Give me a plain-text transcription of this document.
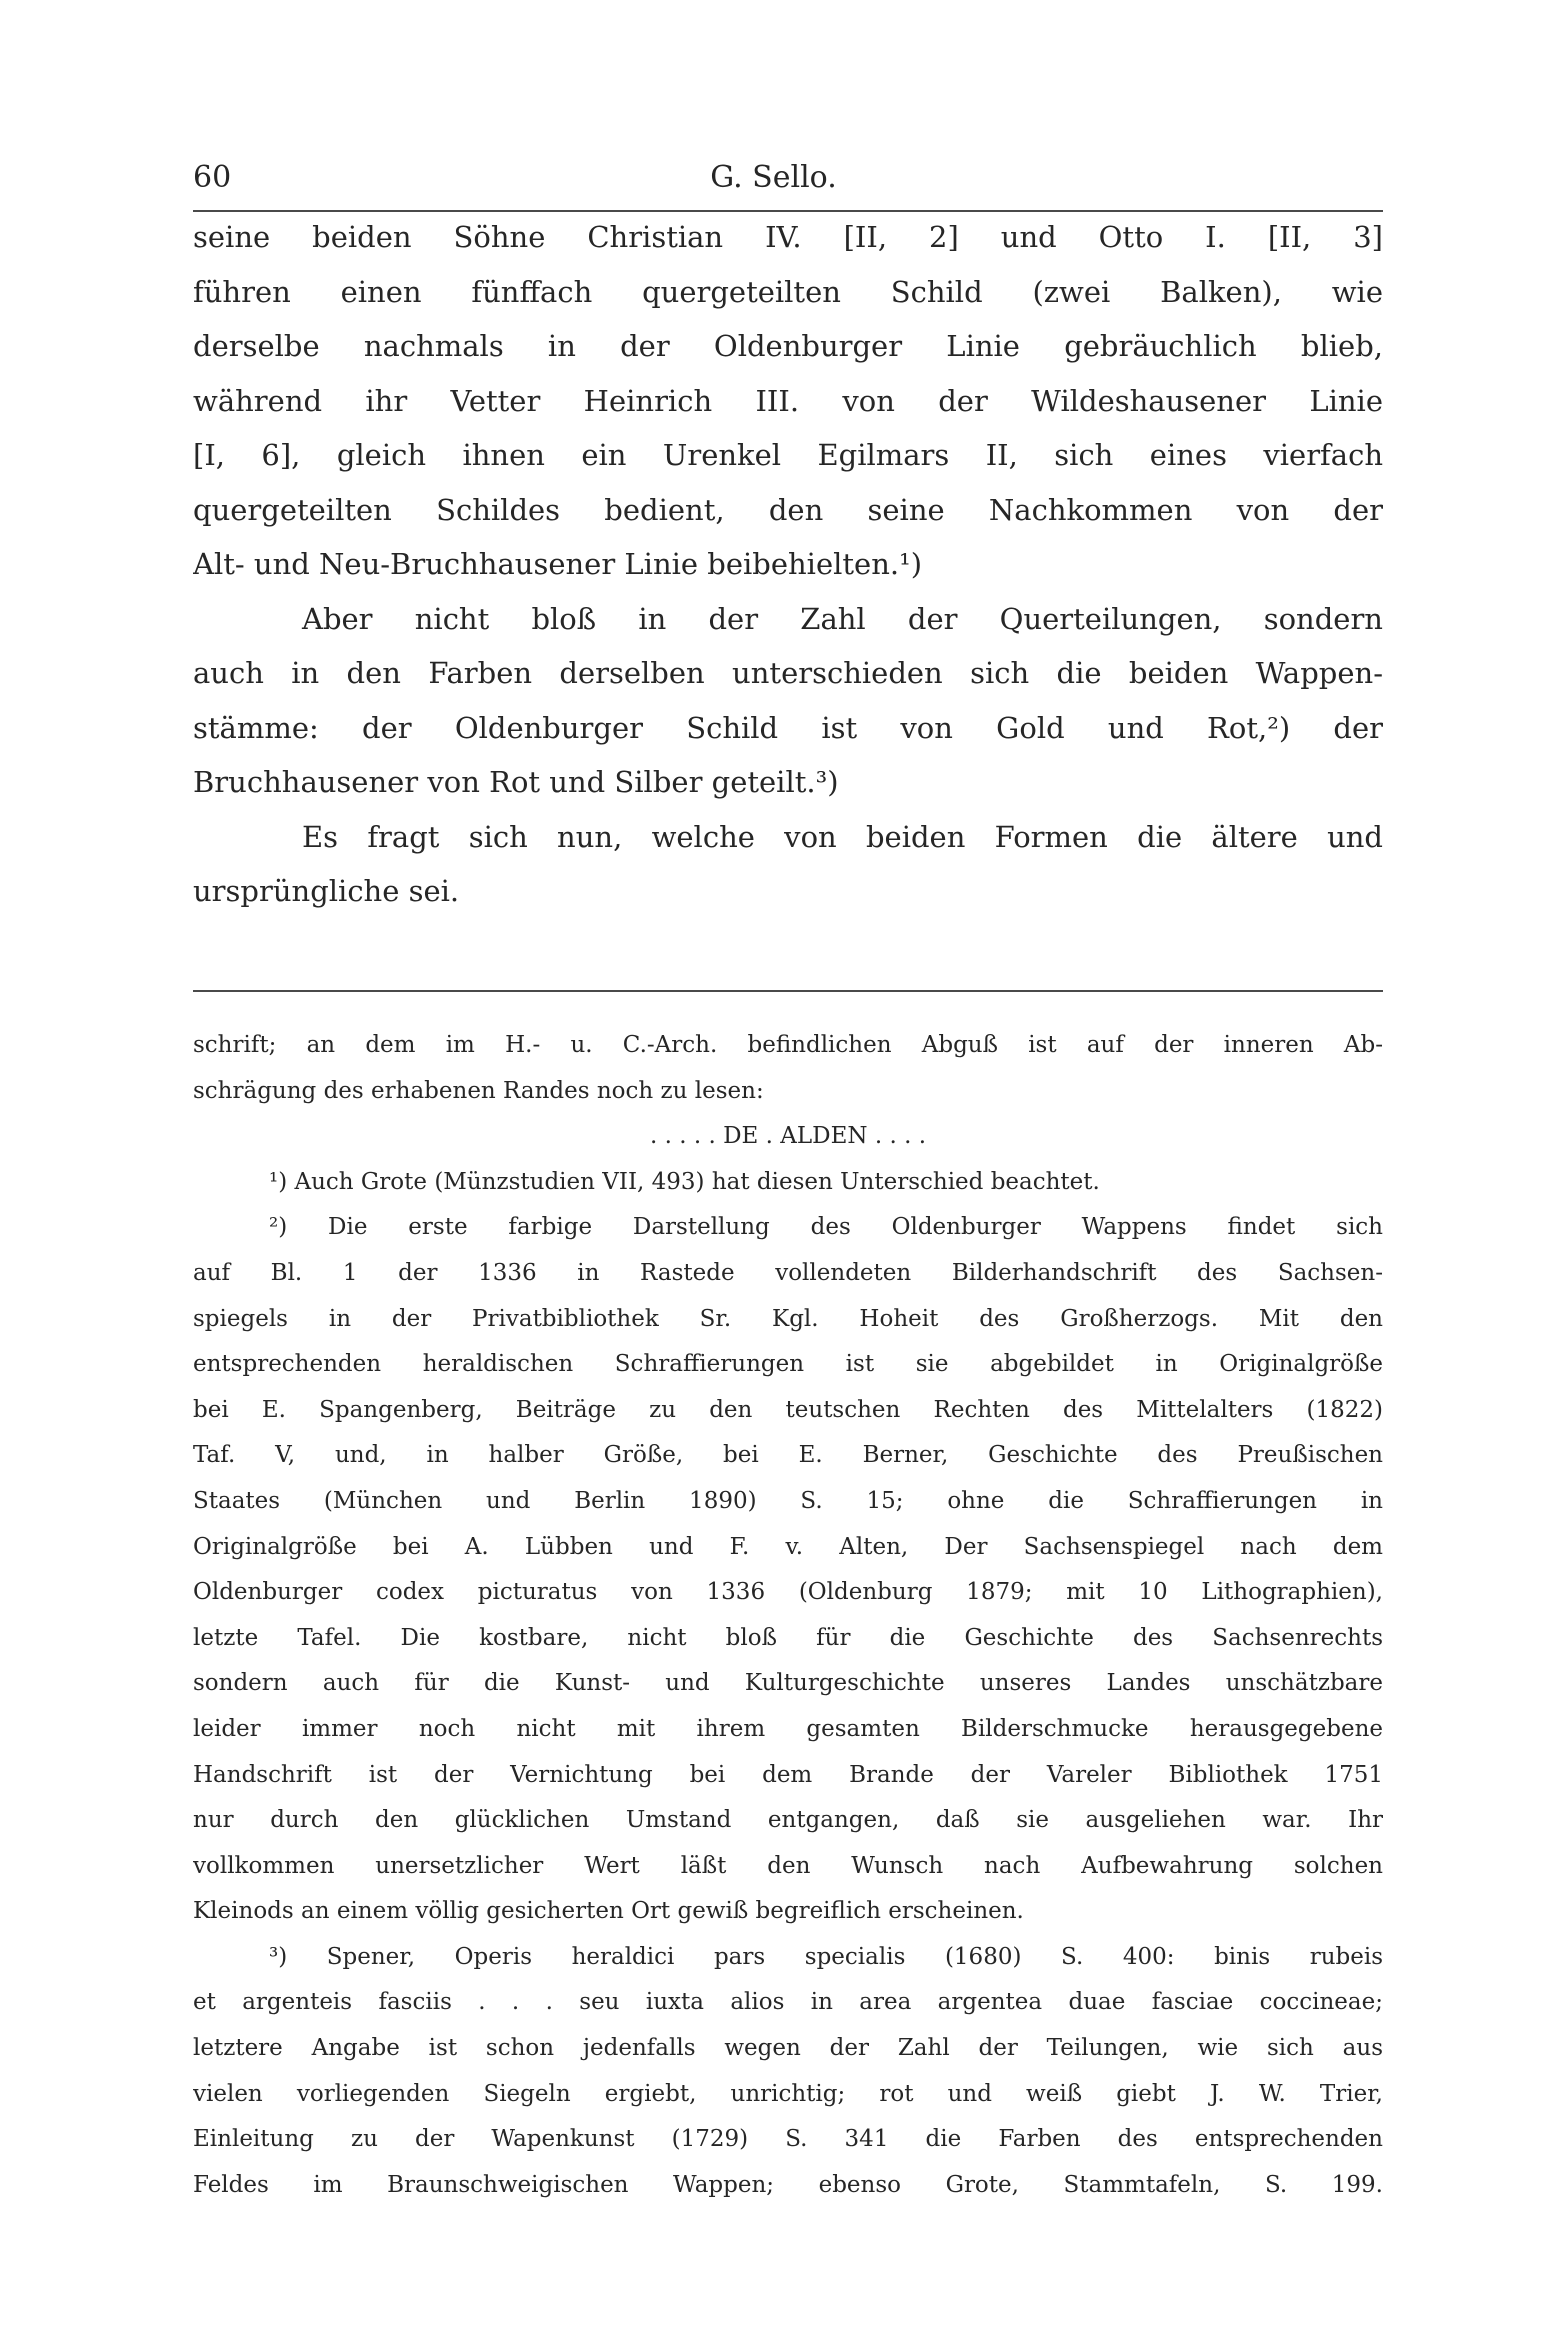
60	G. Sello.
seine beiden Söhne Christian IV. [II, 2] und Otto I. [II, 3]
führen einen fünffach quergeteilten Schild (zwei Balken), wie
derselbe nachmals in der Oldenburger Linie gebräuchlich blieb,
während ihr Vetter Heinrich III. von der Wildeshausener Linie
[I, 6], gleich ihnen ein Urenkel Egilmars II, sich eines vierfach
quergeteilten Schildes bedient, den seine Nachkommen von der
Alt- und Neu-Bruchhausener Linie beibehielten.¹)
Aber nicht bloß in der Zahl der Querteilungen, sondern
auch in den Farben derselben unterschieden sich die beiden Wappen-
stämme: der Oldenburger Schild ist von Gold und Rot,²) der
Bruchhausener von Rot und Silber geteilt.³)
Es fragt sich nun, welche von beiden Formen die ältere und
ursprüngliche sei.
schrift; an dem im H.- u. C.-Arch. befindlichen Abguß ist auf der inneren Ab-
schrägung des erhabenen Randes noch zu lesen:
. . . . . DE . ALDEN . . . .
¹) Auch Grote (Münzstudien VII, 493) hat diesen Unterschied beachtet.
²) Die erste farbige Darstellung des Oldenburger Wappens findet sich
auf Bl. 1 der 1336 in Rastede vollendeten Bilderhandschrift des Sachsen-
spiegels in der Privatbibliothek Sr. Kgl. Hoheit des Großherzogs. Mit den
entsprechenden heraldischen Schraffierungen ist sie abgebildet in Originalgröße
bei E. Spangenberg, Beiträge zu den teutschen Rechten des Mittelalters (1822)
Taf. V, und, in halber Größe, bei E. Berner, Geschichte des Preußischen
Staates (München und Berlin 1890) S. 15; ohne die Schraffierungen in
Originalgröße bei A. Lübben und F. v. Alten, Der Sachsenspiegel nach dem
Oldenburger codex picturatus von 1336 (Oldenburg 1879; mit 10 Lithographien),
letzte Tafel. Die kostbare, nicht bloß für die Geschichte des Sachsenrechts
sondern auch für die Kunst- und Kulturgeschichte unseres Landes unschätzbare
leider immer noch nicht mit ihrem gesamten Bilderschmucke herausgegebene
Handschrift ist der Vernichtung bei dem Brande der Vareler Bibliothek 1751
nur durch den glücklichen Umstand entgangen, daß sie ausgeliehen war. Ihr
vollkommen unersetzlicher Wert läßt den Wunsch nach Aufbewahrung solchen
Kleinods an einem völlig gesicherten Ort gewiß begreiflich erscheinen.
³) Spener, Operis heraldici pars specialis (1680) S. 400: binis rubeis
et argenteis fasciis . . . seu iuxta alios in area argentea duae fasciae coccineae;
letztere Angabe ist schon jedenfalls wegen der Zahl der Teilungen, wie sich aus
vielen vorliegenden Siegeln ergiebt, unrichtig; rot und weiß giebt J. W. Trier,
Einleitung zu der Wapenkunst (1729) S. 341 die Farben des entsprechenden
Feldes im Braunschweigischen Wappen; ebenso Grote, Stammtafeln, S. 199.
